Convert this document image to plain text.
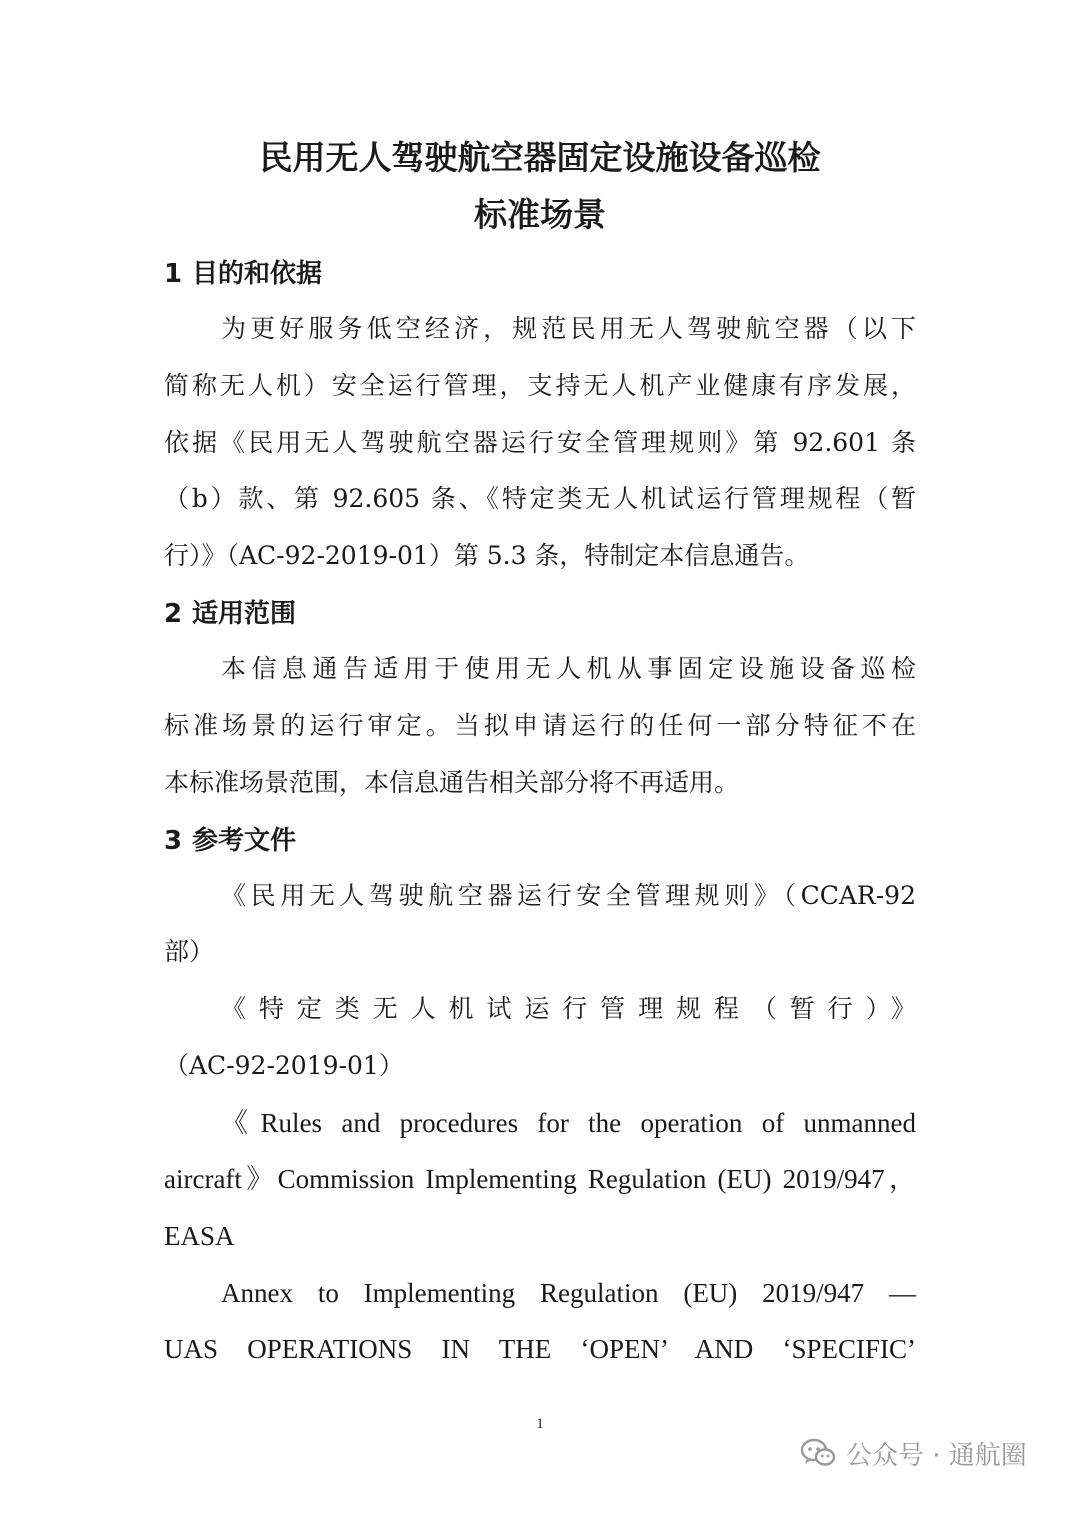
民用无人驾驶航空器固定设施设备巡检
标准场景
1 目的和依据

为更好服务低空经济，规范民用无人驾驶航空器（以下

简称无人机）安全运行管理，支持无人机产业健康有序发展，

依据《民用无人驾驶航空器运行安全管理规则》第 92.601 条

（b）款、第 92.605 条、《特定类无人机试运行管理规程（暂

行）》（AC-92-2019-01）第 5.3 条，特制定本信息通告。

2 适用范围

本信息通告适用于使用无人机从事固定设施设备巡检

标准场景的运行审定。当拟申请运行的任何一部分特征不在

本标准场景范围，本信息通告相关部分将不再适用。

3 参考文件

《民用无人驾驶航空器运行安全管理规则》（CCAR-92

部）

《特定类无人机试运行管理规程（暂行）》

（AC-92-2019-01）

《Rules and procedures for the operation of unmanned

aircraft》Commission Implementing Regulation (EU) 2019/947，

EASA

Annex to Implementing Regulation (EU) 2019/947 —

UAS OPERATIONS IN THE ‘OPEN’ AND ‘SPECIFIC’

1
公众号 · 通航圈
